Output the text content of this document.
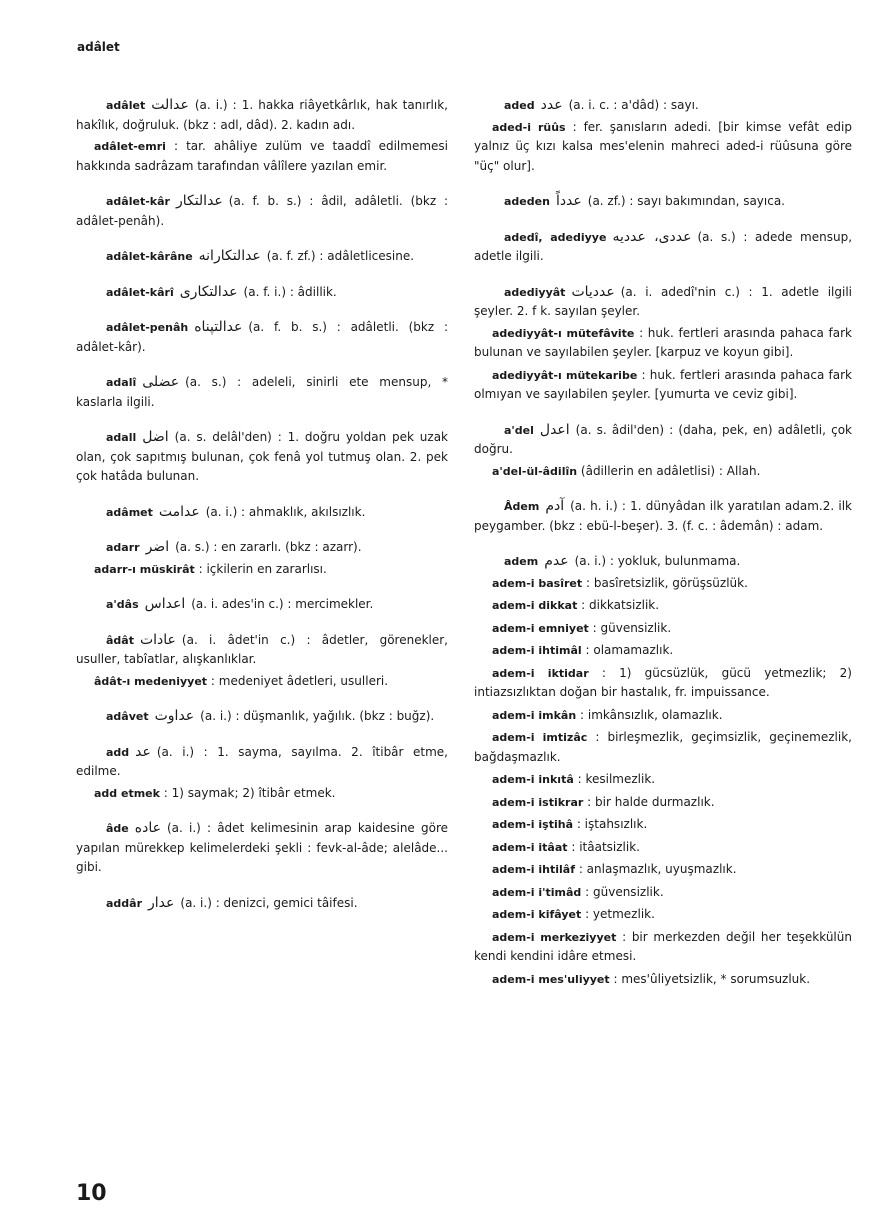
adâlet

adâlet عدالت (a. i.) : 1. hakka riâyetkârlık, hak tanırlık, hakîlık, doğruluk. (bkz : adl, dâd). 2. kadın adı.

adâlet-emri : tar. ahâliye zulüm ve taaddî edilmemesi hakkında sadrâzam tarafından vâlîlere yazılan emir.

adâlet-kâr عدالتكار (a. f. b. s.) : âdil, adâletli. (bkz : adâlet-penâh).

adâlet-kârâne عدالتكارانه (a. f. zf.) : adâletlicesine.

adâlet-kârî عدالتكارى (a. f. i.) : âdillik.

adâlet-penâh عدالتپناه (a. f. b. s.) : adâletli. (bkz : adâlet-kâr).

adalî عضلى (a. s.) : adeleli, sinirli ete mensup, * kaslarla ilgili.

adall اضل (a. s. delâl'den) : 1. doğru yoldan pek uzak olan, çok sapıtmış bulunan, çok fenâ yol tutmuş olan. 2. pek çok hatâda bulunan.

adâmet عدامت (a. i.) : ahmaklık, akılsızlık.

adarr اضر (a. s.) : en zararlı. (bkz : azarr).

adarr-ı müskirât : içkilerin en zararlısı.

a'dâs اعداس (a. i. ades'in c.) : mercimekler.

âdât عادات (a. i. âdet'in c.) : âdetler, görenekler, usuller, tabîatlar, alışkanlıklar.

âdât-ı medeniyyet : medeniyet âdetleri, usulleri.

adâvet عداوت (a. i.) : düşmanlık, yağılık. (bkz : buğz).

add عد (a. i.) : 1. sayma, sayılma. 2. îtibâr etme, edilme.

add etmek : 1) saymak; 2) îtibâr etmek.

âde عاده (a. i.) : âdet kelimesinin arap kaidesine göre yapılan mürekkep kelimelerdeki şekli : fevk-al-âde; alelâde... gibi.

addâr عدار (a. i.) : denizci, gemici tâifesi.

aded عدد (a. i. c. : a'dâd) : sayı.

aded-i rüûs : fer. şanısların adedi. [bir kimse vefât edip yalnız üç kızı kalsa mes'elenin mahreci aded-i rüûsuna göre "üç" olur].

adeden عدداً (a. zf.) : sayı bakımından, sayıca.

adedî, adediyye عددى، عدديه (a. s.) : adede mensup, adetle ilgili.

adediyyât عدديات (a. i. adedî'nin c.) : 1. adetle ilgili şeyler. 2. f k. sayılan şeyler.

adediyyât-ı mütefâvite : huk. fertleri arasında pahaca fark bulunan ve sayılabilen şeyler. [karpuz ve koyun gibi].

adediyyât-ı mütekaribe : huk. fertleri arasında pahaca fark olmıyan ve sayılabilen şeyler. [yumurta ve ceviz gibi].

a'del اعدل (a. s. âdil'den) : (daha, pek, en) adâletli, çok doğru.

a'del-ül-âdilîn (âdillerin en adâletlisi) : Allah.

Âdem آدم (a. h. i.) : 1. dünyâdan ilk yaratılan adam.2. ilk peygamber. (bkz : ebü-l-beşer). 3. (f. c. : âdemân) : adam.

adem عدم (a. i.) : yokluk, bulunmama.

adem-i basîret : basîretsizlik, görüşsüzlük.

adem-i dikkat : dikkatsizlik.

adem-i emniyet : güvensizlik.

adem-i ihtimâl : olamamazlık.

adem-i iktidar : 1) gücsüzlük, gücü yetmezlik; 2) intiazsızlıktan doğan bir hastalık, fr. impuissance.

adem-i imkân : imkânsızlık, olamazlık.

adem-i imtizâc : birleşmezlik, geçimsizlik, geçinemezlik, bağdaşmazlık.

adem-i inkıtâ : kesilmezlik.

adem-i istikrar : bir halde durmazlık.

adem-i iştihâ : iştahsızlık.

adem-i itâat : itâatsizlik.

adem-i ihtilâf : anlaşmazlık, uyuşmazlık.

adem-i i'timâd : güvensizlik.

adem-i kifâyet : yetmezlik.

adem-i merkeziyyet : bir merkezden değil her teşekkülün kendi kendini idâre etmesi.

adem-i mes'uliyyet : mes'ûliyetsizlik, * sorumsuzluk.

10
